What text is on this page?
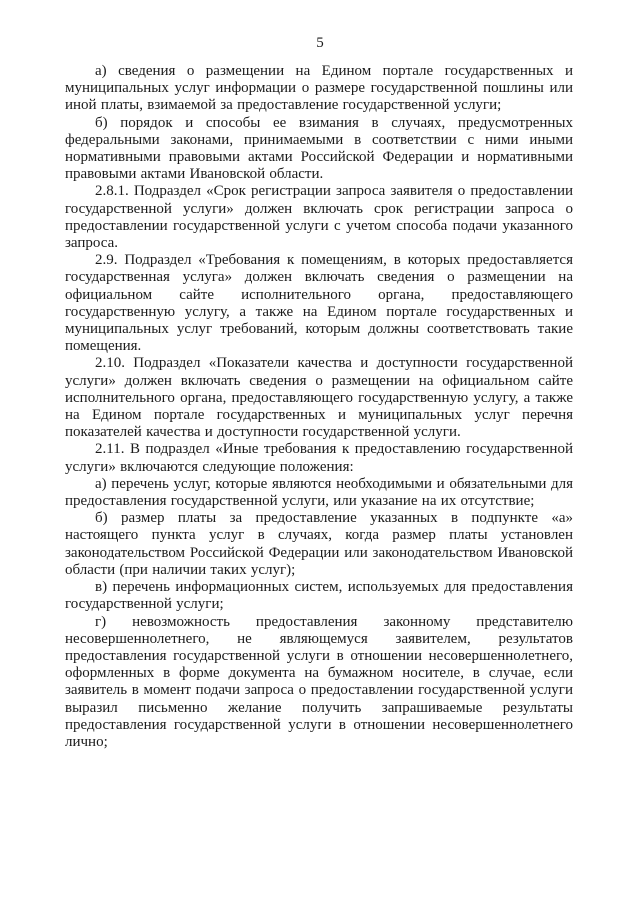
5

а) сведения о размещении на Едином портале государственных и муниципальных услуг информации о размере государственной пошлины или иной платы, взимаемой за предоставление государственной услуги;

б) порядок и способы ее взимания в случаях, предусмотренных федеральными законами, принимаемыми в соответствии с ними иными нормативными правовыми актами Российской Федерации и нормативными правовыми актами Ивановской области.

2.8.1. Подраздел «Срок регистрации запроса заявителя о предоставлении государственной услуги» должен включать срок регистрации запроса о предоставлении государственной услуги с учетом способа подачи указанного запроса.

2.9. Подраздел «Требования к помещениям, в которых предоставляется государственная услуга» должен включать сведения о размещении на официальном сайте исполнительного органа, предоставляющего государственную услугу, а также на Едином портале государственных и муниципальных услуг требований, которым должны соответствовать такие помещения.

2.10. Подраздел «Показатели качества и доступности государственной услуги» должен включать сведения о размещении на официальном сайте исполнительного органа, предоставляющего государственную услугу, а также на Едином портале государственных и муниципальных услуг перечня показателей качества и доступности государственной услуги.

2.11. В подраздел «Иные требования к предоставлению государственной услуги» включаются следующие положения:

а) перечень услуг, которые являются необходимыми и обязательными для предоставления государственной услуги, или указание на их отсутствие;

б) размер платы за предоставление указанных в подпункте «а» настоящего пункта услуг в случаях, когда размер платы установлен законодательством Российской Федерации или законодательством Ивановской области (при наличии таких услуг);

в) перечень информационных систем, используемых для предоставления государственной услуги;

г) невозможность предоставления законному представителю несовершеннолетнего, не являющемуся заявителем, результатов предоставления государственной услуги в отношении несовершеннолетнего, оформленных в форме документа на бумажном носителе, в случае, если заявитель в момент подачи запроса о предоставлении государственной услуги выразил письменно желание получить запрашиваемые результаты предоставления государственной услуги в отношении несовершеннолетнего лично;
